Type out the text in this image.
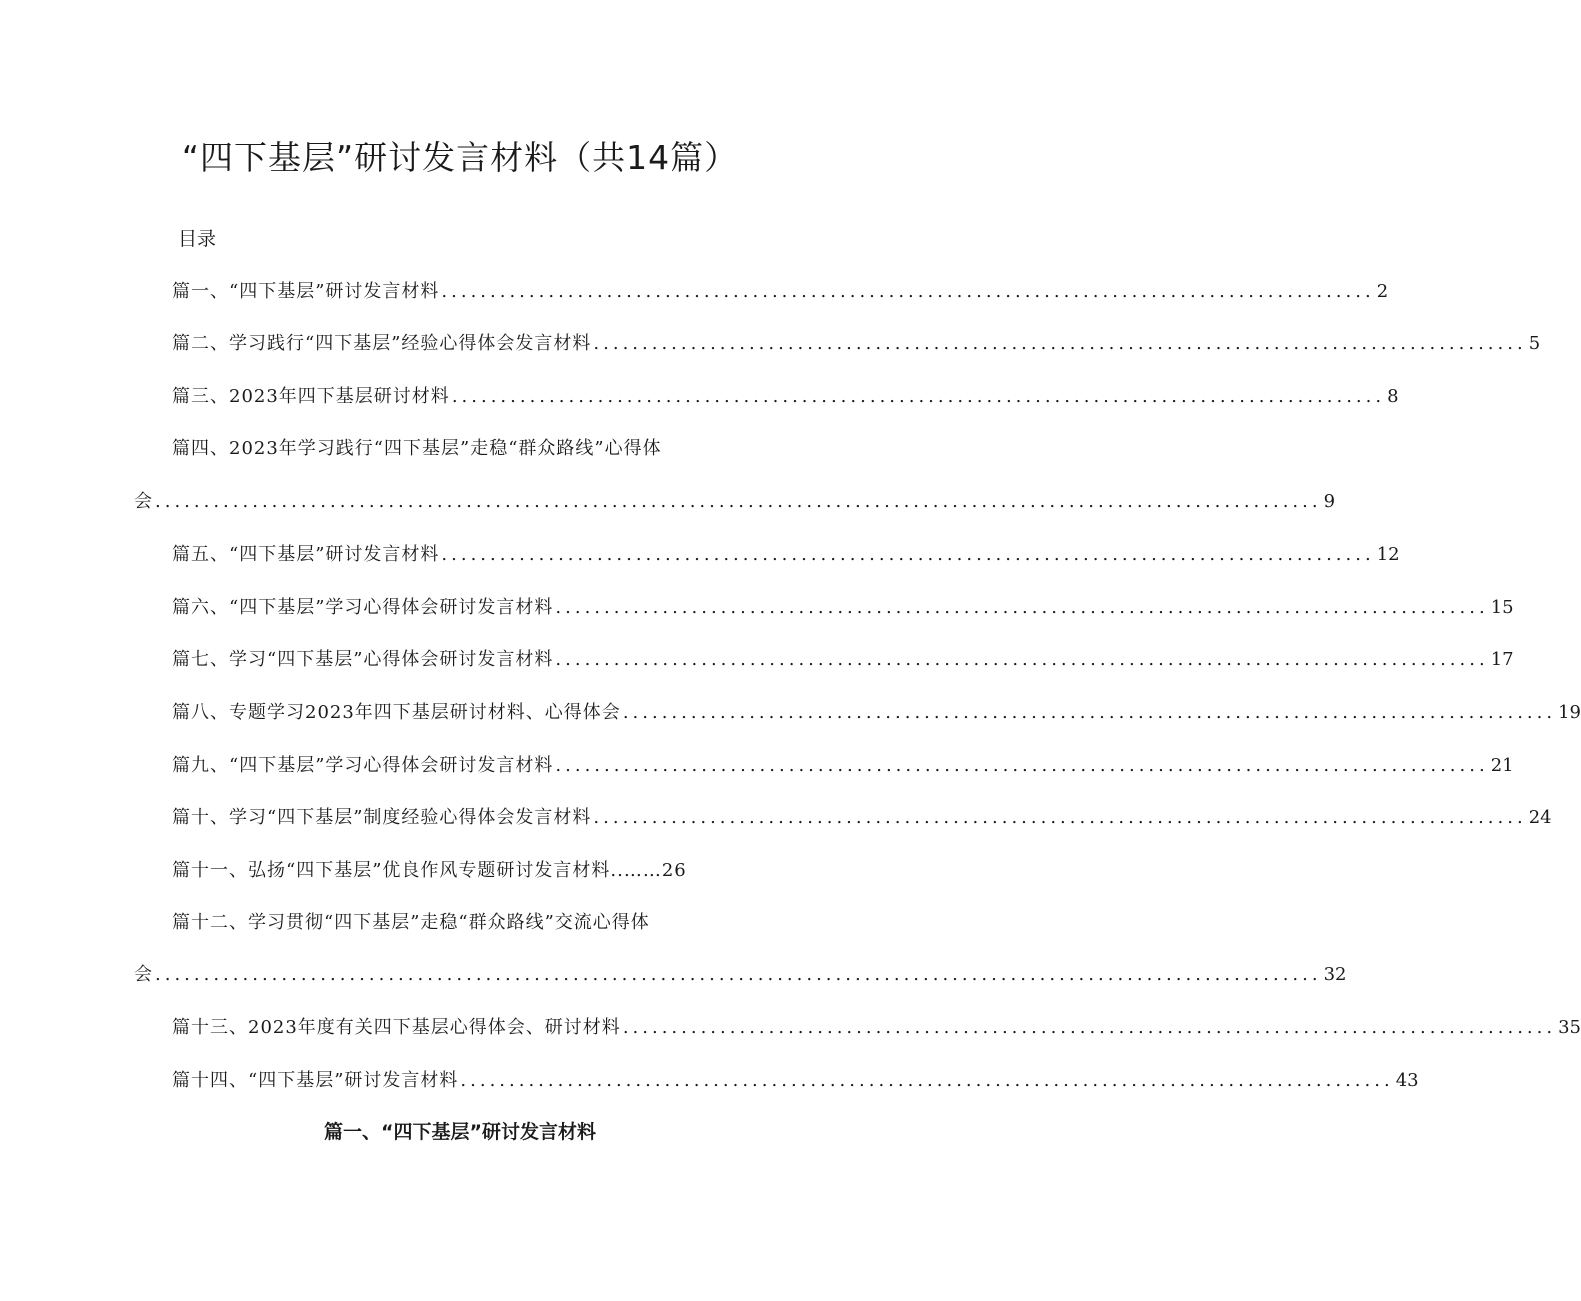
“四下基层”研讨发言材料（共14篇）
目录
篇一、“四下基层”研讨发言材料 ................................................................................................ 2
篇二、学习践行“四下基层”经验心得体会发言材料 ................................................................................................ 5
篇三、2023年四下基层研讨材料 ................................................................................................ 8
篇四、2023年学习践行“四下基层”走稳“群众路线”心得体
会 ........................................................................................................................ 9
篇五、“四下基层”研讨发言材料 ................................................................................................ 12
篇六、“四下基层”学习心得体会研讨发言材料 ................................................................................................ 15
篇七、学习“四下基层”心得体会研讨发言材料 ................................................................................................ 17
篇八、专题学习2023年四下基层研讨材料、心得体会 ................................................................................................ 19
篇九、“四下基层”学习心得体会研讨发言材料 ................................................................................................ 21
篇十、学习“四下基层”制度经验心得体会发言材料 ................................................................................................ 24
篇十一、弘扬“四下基层”优良作风专题研讨发言材料..……26
篇十二、学习贯彻“四下基层”走稳“群众路线”交流心得体
会 ........................................................................................................................ 32
篇十三、2023年度有关四下基层心得体会、研讨材料 ................................................................................................ 35
篇十四、“四下基层”研讨发言材料 ................................................................................................ 43
篇一、“四下基层”研讨发言材料
